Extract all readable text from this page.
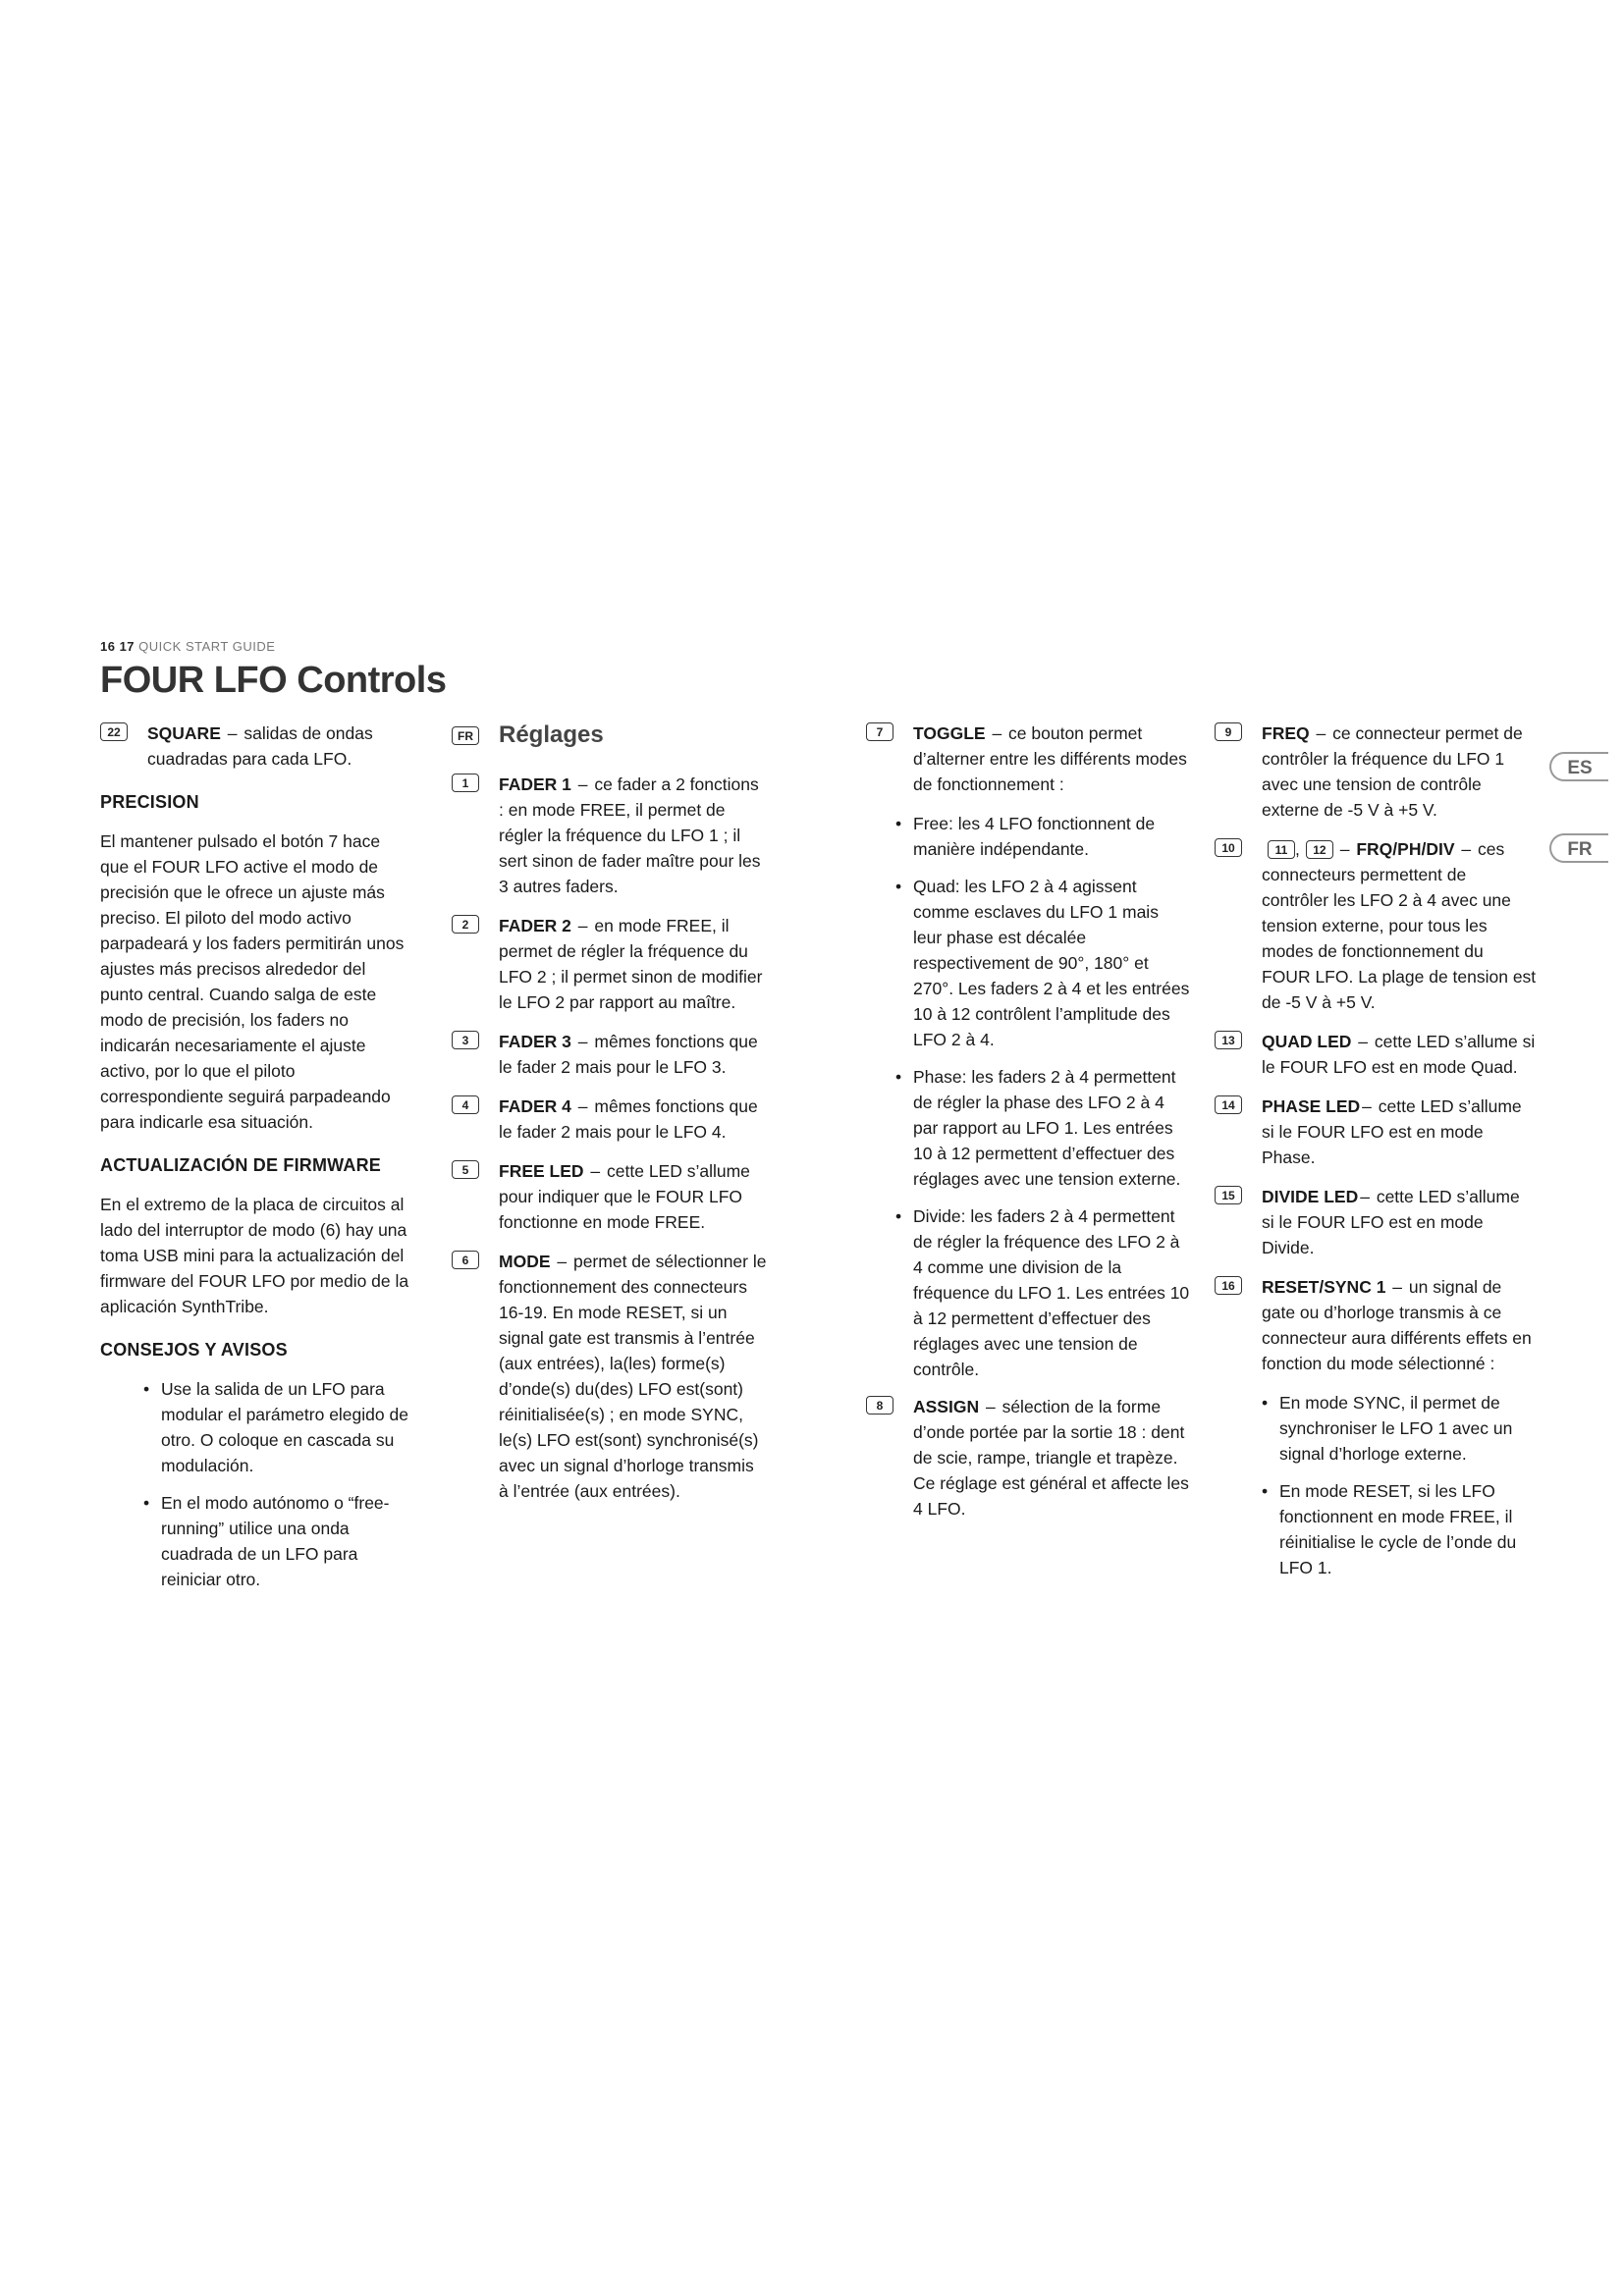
16 17 QUICK START GUIDE
FOUR LFO Controls
22	SQUARE – salidas de ondas cuadradas para cada LFO.
PRECISION
El mantener pulsado el botón 7 hace que el FOUR LFO active el modo de precisión que le ofrece un ajuste más preciso. El piloto del modo activo parpadeará y los faders permitirán unos ajustes más precisos alrededor del punto central. Cuando salga de este modo de precisión, los faders no indicarán necesariamente el ajuste activo, por lo que el piloto correspondiente seguirá parpadeando para indicarle esa situación.
ACTUALIZACIÓN DE FIRMWARE
En el extremo de la placa de circuitos al lado del interruptor de modo (6) hay una toma USB mini para la actualización del firmware del FOUR LFO por medio de la aplicación SynthTribe.
CONSEJOS Y AVISOS
• Use la salida de un LFO para modular el parámetro elegido de otro. O coloque en cascada su modulación.
• En el modo autónomo o “free-running” utilice una onda cuadrada de un LFO para reiniciar otro.
FR Réglages
1	FADER 1 – ce fader a 2 fonctions : en mode FREE, il permet de régler la fréquence du LFO 1 ; il sert sinon de fader maître pour les 3 autres faders.
2	FADER 2 – en mode FREE, il permet de régler la fréquence du LFO 2 ; il permet sinon de modifier le LFO 2 par rapport au maître.
3	FADER 3 – mêmes fonctions que le fader 2 mais pour le LFO 3.
4	FADER 4 – mêmes fonctions que le fader 2 mais pour le LFO 4.
5	FREE LED – cette LED s’allume pour indiquer que le FOUR LFO fonctionne en mode FREE.
6	MODE – permet de sélectionner le fonctionnement des connecteurs 16-19. En mode RESET, si un signal gate est transmis à l’entrée (aux entrées), la(les) forme(s) d’onde(s) du(des) LFO est(sont) réinitialisée(s) ; en mode SYNC, le(s) LFO est(sont) synchronisé(s) avec un signal d’horloge transmis à l’entrée (aux entrées).
7	TOGGLE – ce bouton permet d’alterner entre les différents modes de fonctionnement :
• Free: les 4 LFO fonctionnent de manière indépendante.
• Quad: les LFO 2 à 4 agissent comme esclaves du LFO 1 mais leur phase est décalée respectivement de 90°, 180° et 270°. Les faders 2 à 4 et les entrées 10 à 12 contrôlent l’amplitude des LFO 2 à 4.
• Phase: les faders 2 à 4 permettent de régler la phase des LFO 2 à 4 par rapport au LFO 1. Les entrées 10 à 12 permettent d’effectuer des réglages avec une tension externe.
• Divide: les faders 2 à 4 permettent de régler la fréquence des LFO 2 à 4 comme une division de la fréquence du LFO 1. Les entrées 10 à 12 permettent d’effectuer des réglages avec une tension de contrôle.
8	ASSIGN – sélection de la forme d’onde portée par la sortie 18 : dent de scie, rampe, triangle et trapèze. Ce réglage est général et affecte les 4 LFO.
9	FREQ – ce connecteur permet de contrôler la fréquence du LFO 1 avec une tension de contrôle externe de -5 V à +5 V.
10	11 , 12 – FRQ/PH/DIV – ces connecteurs permettent de contrôler les LFO 2 à 4 avec une tension externe, pour tous les modes de fonctionnement du FOUR LFO. La plage de tension est de -5 V à +5 V.
13	QUAD LED – cette LED s’allume si le FOUR LFO est en mode Quad.
14	PHASE LED – cette LED s’allume si le FOUR LFO est en mode Phase.
15	DIVIDE LED – cette LED s’allume si le FOUR LFO est en mode Divide.
16	RESET/SYNC 1 – un signal de gate ou d’horloge transmis à ce connecteur aura différents effets en fonction du mode sélectionné :
• En mode SYNC, il permet de synchroniser le LFO 1 avec un signal d’horloge externe.
• En mode RESET, si les LFO fonctionnent en mode FREE, il réinitialise le cycle de l’onde du LFO 1.
ES
FR
